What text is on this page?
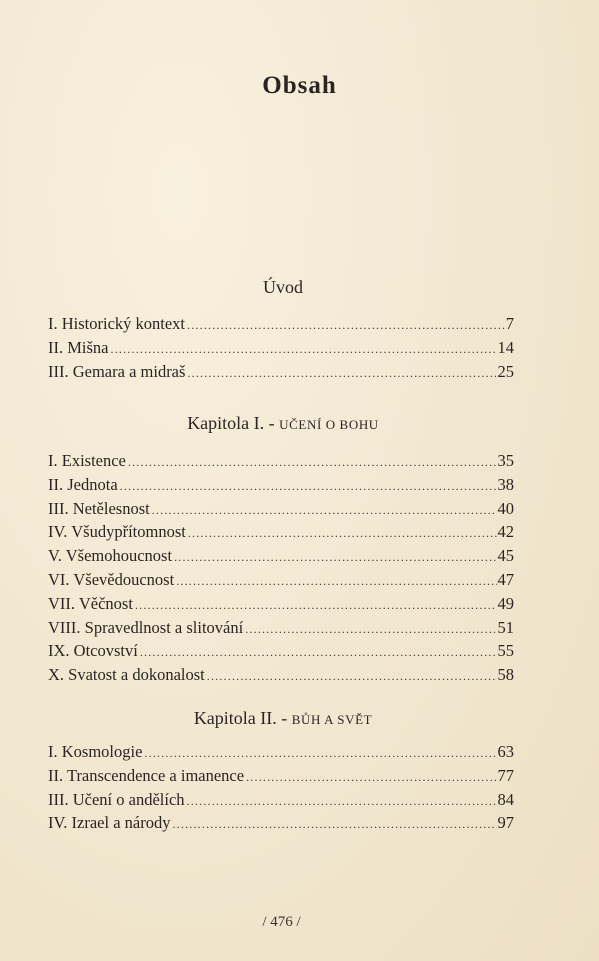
Obsah
Úvod
I. Historický kontext .....	7
II. Mišna .....	14
III. Gemara a midraš .....	25
Kapitola I. - UČENÍ O BOHU
I. Existence .....	35
II. Jednota .....	38
III. Netělesnost .....	40
IV. Všudypřítomnost .....	42
V. Všemohoucnost .....	45
VI. Vševědoucnost .....	47
VII. Věčnost .....	49
VIII. Spravedlnost a slitování .....	51
IX. Otcovství .....	55
X. Svatost a dokonalost .....	58
Kapitola II. - BŮH A SVĚT
I. Kosmologie .....	63
II. Transcendence a imanence .....	77
III. Učení o andělích .....	84
IV. Izrael a národy .....	97
/ 476 /
